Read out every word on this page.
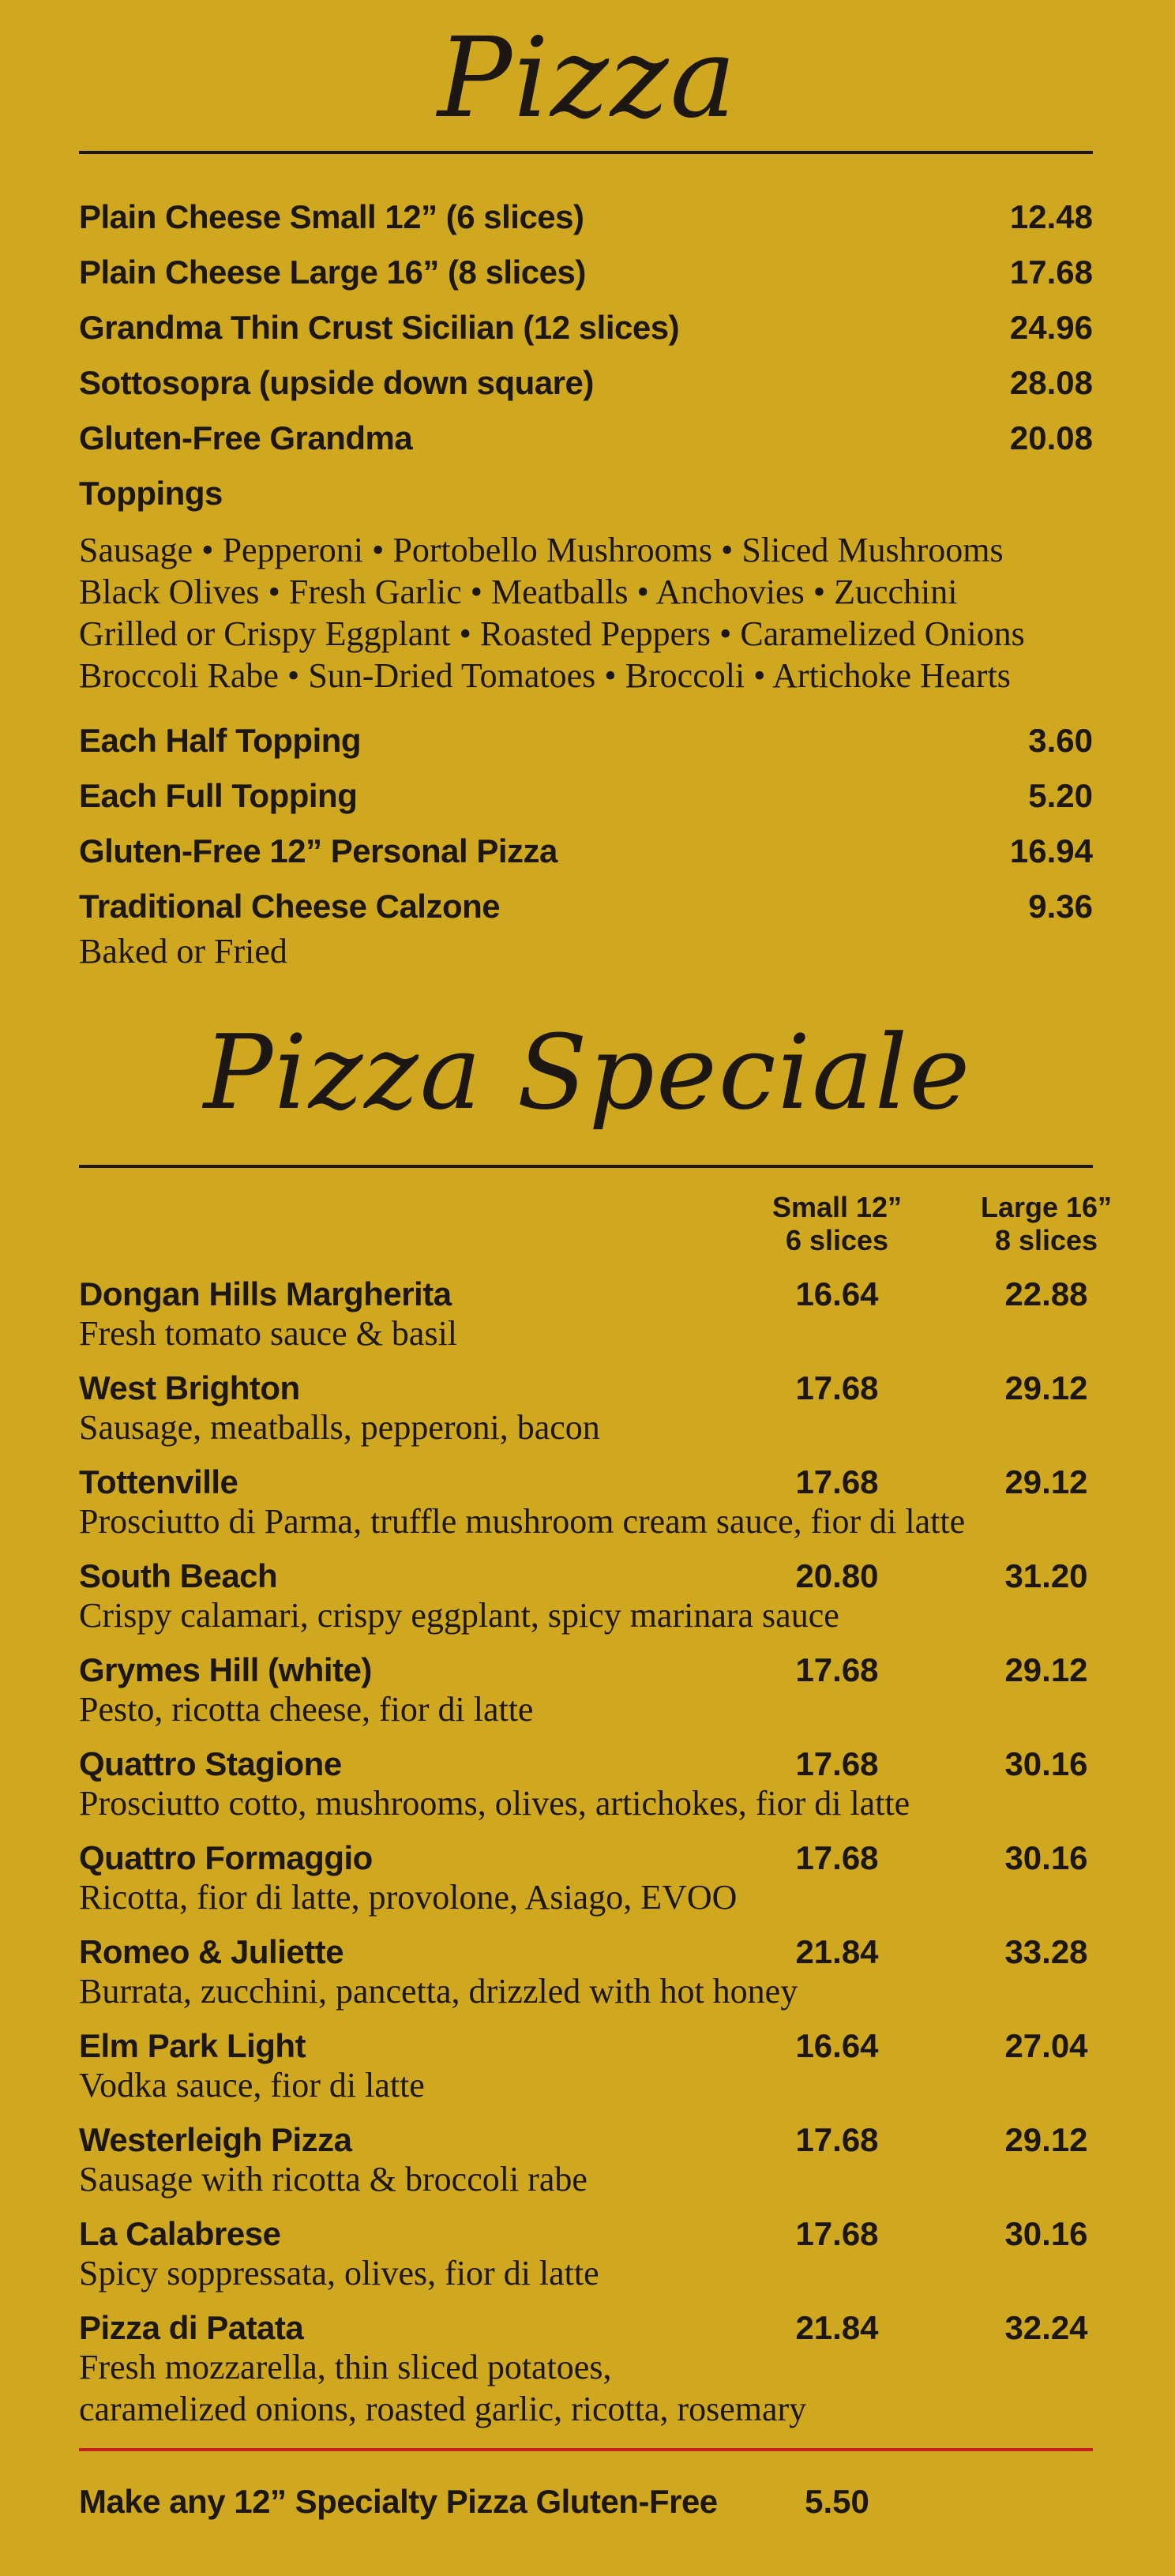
Pizza
Plain Cheese Small 12” (6 slices)	12.48
Plain Cheese Large 16” (8 slices)	17.68
Grandma Thin Crust Sicilian (12 slices)	24.96
Sottosopra (upside down square)	28.08
Gluten-Free Grandma	20.08
Toppings
Sausage • Pepperoni • Portobello Mushrooms • Sliced Mushrooms
Black Olives • Fresh Garlic • Meatballs • Anchovies • Zucchini
Grilled or Crispy Eggplant • Roasted Peppers • Caramelized Onions
Broccoli Rabe • Sun-Dried Tomatoes • Broccoli • Artichoke Hearts
Each Half Topping	3.60
Each Full Topping	5.20
Gluten-Free 12” Personal Pizza	16.94
Traditional Cheese Calzone	9.36
Baked or Fried
Pizza Speciale
Small 12”
6 slices
Large 16”
8 slices
Dongan Hills Margherita	16.64	22.88
Fresh tomato sauce & basil
West Brighton	17.68	29.12
Sausage, meatballs, pepperoni, bacon
Tottenville	17.68	29.12
Prosciutto di Parma, truffle mushroom cream sauce, fior di latte
South Beach	20.80	31.20
Crispy calamari, crispy eggplant, spicy marinara sauce
Grymes Hill (white)	17.68	29.12
Pesto, ricotta cheese, fior di latte
Quattro Stagione	17.68	30.16
Prosciutto cotto, mushrooms, olives, artichokes, fior di latte
Quattro Formaggio	17.68	30.16
Ricotta, fior di latte, provolone, Asiago, EVOO
Romeo & Juliette	21.84	33.28
Burrata, zucchini, pancetta, drizzled with hot honey
Elm Park Light	16.64	27.04
Vodka sauce, fior di latte
Westerleigh Pizza	17.68	29.12
Sausage with ricotta & broccoli rabe
La Calabrese	17.68	30.16
Spicy soppressata, olives, fior di latte
Pizza di Patata	21.84	32.24
Fresh mozzarella, thin sliced potatoes,
caramelized onions, roasted garlic, ricotta, rosemary
Make any 12” Specialty Pizza Gluten-Free	5.50
